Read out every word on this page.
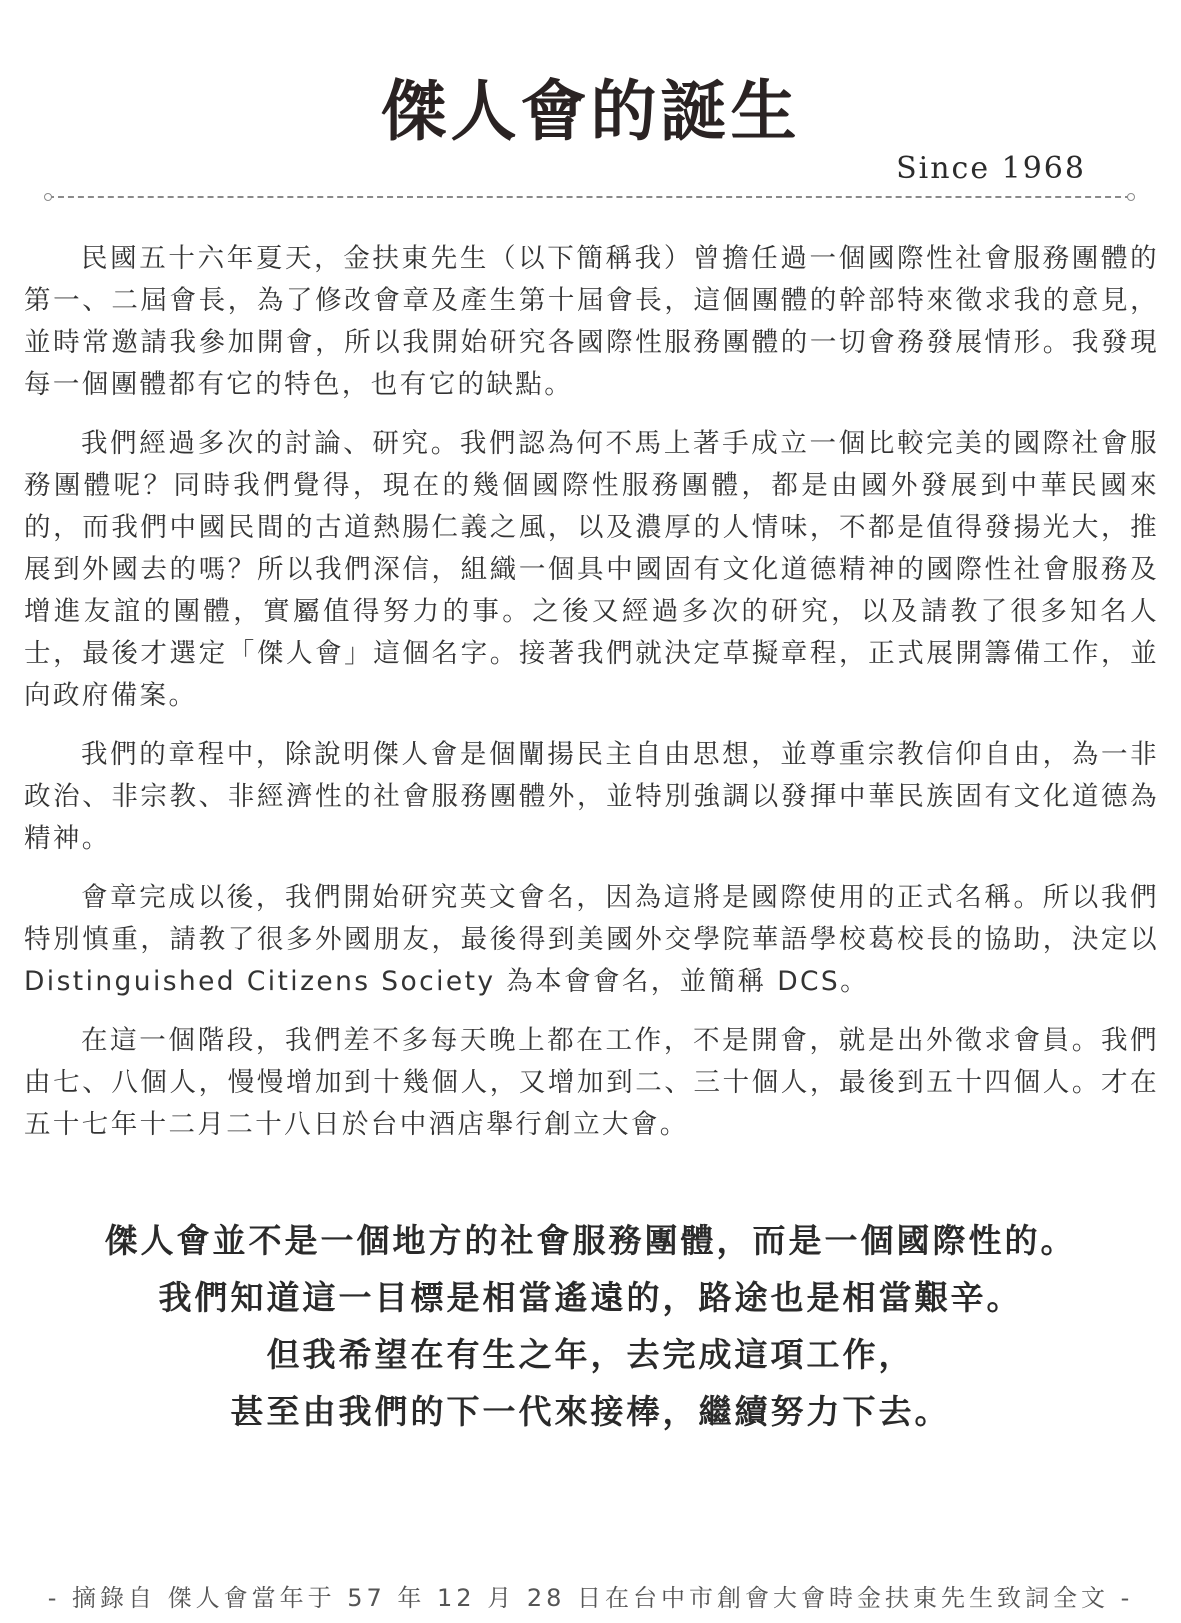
傑人會的誕生
Since 1968

民國五十六年夏天，金扶東先生（以下簡稱我）曾擔任過一個國際性社會服務團體的第一、二屆會長，為了修改會章及產生第十屆會長，這個團體的幹部特來徵求我的意見，並時常邀請我參加開會，所以我開始研究各國際性服務團體的一切會務發展情形。我發現每一個團體都有它的特色，也有它的缺點。

我們經過多次的討論、研究。我們認為何不馬上著手成立一個比較完美的國際社會服務團體呢？同時我們覺得，現在的幾個國際性服務團體，都是由國外發展到中華民國來的，而我們中國民間的古道熱腸仁義之風，以及濃厚的人情味，不都是值得發揚光大，推展到外國去的嗎？所以我們深信，組織一個具中國固有文化道德精神的國際性社會服務及增進友誼的團體，實屬值得努力的事。之後又經過多次的研究，以及請教了很多知名人士，最後才選定「傑人會」這個名字。接著我們就決定草擬章程，正式展開籌備工作，並向政府備案。

我們的章程中，除說明傑人會是個闡揚民主自由思想，並尊重宗教信仰自由，為一非政治、非宗教、非經濟性的社會服務團體外，並特別強調以發揮中華民族固有文化道德為精神。

會章完成以後，我們開始研究英文會名，因為這將是國際使用的正式名稱。所以我們特別慎重，請教了很多外國朋友，最後得到美國外交學院華語學校葛校長的協助，決定以 Distinguished Citizens Society 為本會會名，並簡稱 DCS。

在這一個階段，我們差不多每天晚上都在工作，不是開會，就是出外徵求會員。我們由七、八個人，慢慢增加到十幾個人，又增加到二、三十個人，最後到五十四個人。才在五十七年十二月二十八日於台中酒店舉行創立大會。

傑人會並不是一個地方的社會服務團體，而是一個國際性的。
我們知道這一目標是相當遙遠的，路途也是相當艱辛。
但我希望在有生之年，去完成這項工作，
甚至由我們的下一代來接棒，繼續努力下去。
- 摘錄自 傑人會當年于 57 年 12 月 28 日在台中市創會大會時金扶東先生致詞全文 -
